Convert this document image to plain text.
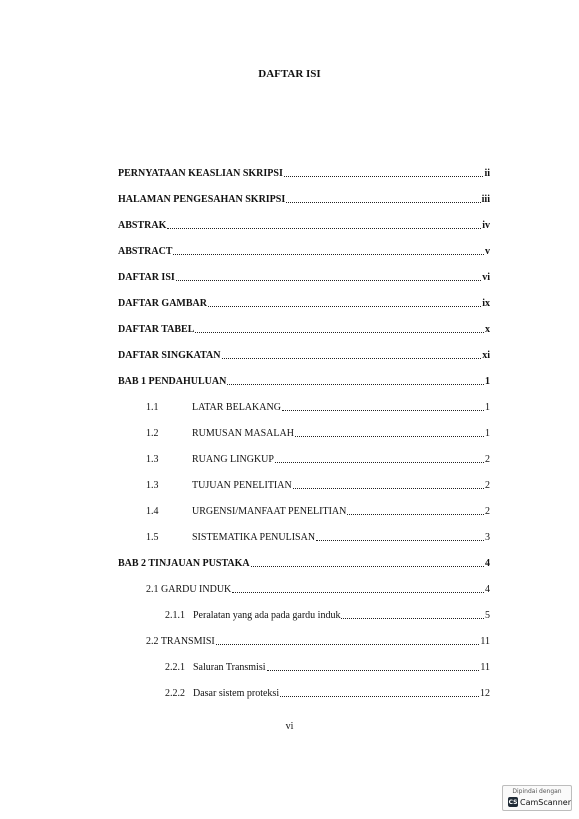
DAFTAR ISI
PERNYATAAN KEASLIAN SKRIPSI	ii
HALAMAN PENGESAHAN SKRIPSI	iii
ABSTRAK	iv
ABSTRACT	v
DAFTAR ISI	vi
DAFTAR GAMBAR	ix
DAFTAR TABEL	x
DAFTAR SINGKATAN	xi
BAB 1 PENDAHULUAN	1
1.1	LATAR BELAKANG	1
1.2	RUMUSAN MASALAH	1
1.3	RUANG LINGKUP	2
1.3	TUJUAN PENELITIAN	2
1.4	URGENSI/MANFAAT PENELITIAN	2
1.5	SISTEMATIKA PENULISAN	3
BAB 2 TINJAUAN PUSTAKA	4
2.1 GARDU INDUK	4
2.1.1 Peralatan yang ada pada gardu induk	5
2.2 TRANSMISI	11
2.2.1 Saluran Transmisi	11
2.2.2 Dasar sistem proteksi	12
vi
Dipindai dengan
CS CamScanner
